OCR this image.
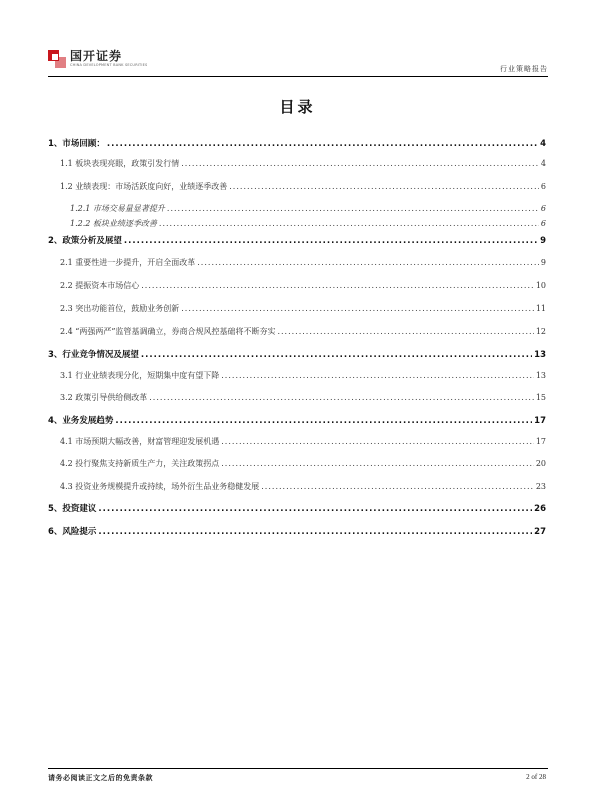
国开证券
CHINA DEVELOPMENT BANK SECURITIES	行业策略报告
目录
1、市场回顾： .....	4
1.1 板块表现亮眼，政策引发行情 .....	4
1.2 业绩表现：市场活跃度向好，业绩逐季改善 .....	6
1.2.1 市场交易量显著提升 .....	6
1.2.2 板块业绩逐季改善 .....	6
2、政策分析及展望 .....	9
2.1 重要性进一步提升，开启全面改革 .....	9
2.2 提振资本市场信心 .....	10
2.3 突出功能首位，鼓励业务创新 .....	11
2.4 “两强两严”监管基调确立，券商合规风控基础将不断夯实 .....	12
3、行业竞争情况及展望 .....	13
3.1 行业业绩表现分化，短期集中度有望下降 .....	13
3.2 政策引导供给侧改革 .....	15
4、业务发展趋势 .....	17
4.1 市场预期大幅改善，财富管理迎发展机遇 .....	17
4.2 投行聚焦支持新质生产力，关注政策拐点 .....	20
4.3 投资业务规模提升或持续，场外衍生品业务稳健发展 .....	23
5、投资建议 .....	26
6、风险提示 .....	27
请务必阅读正文之后的免责条款	2 of 28
